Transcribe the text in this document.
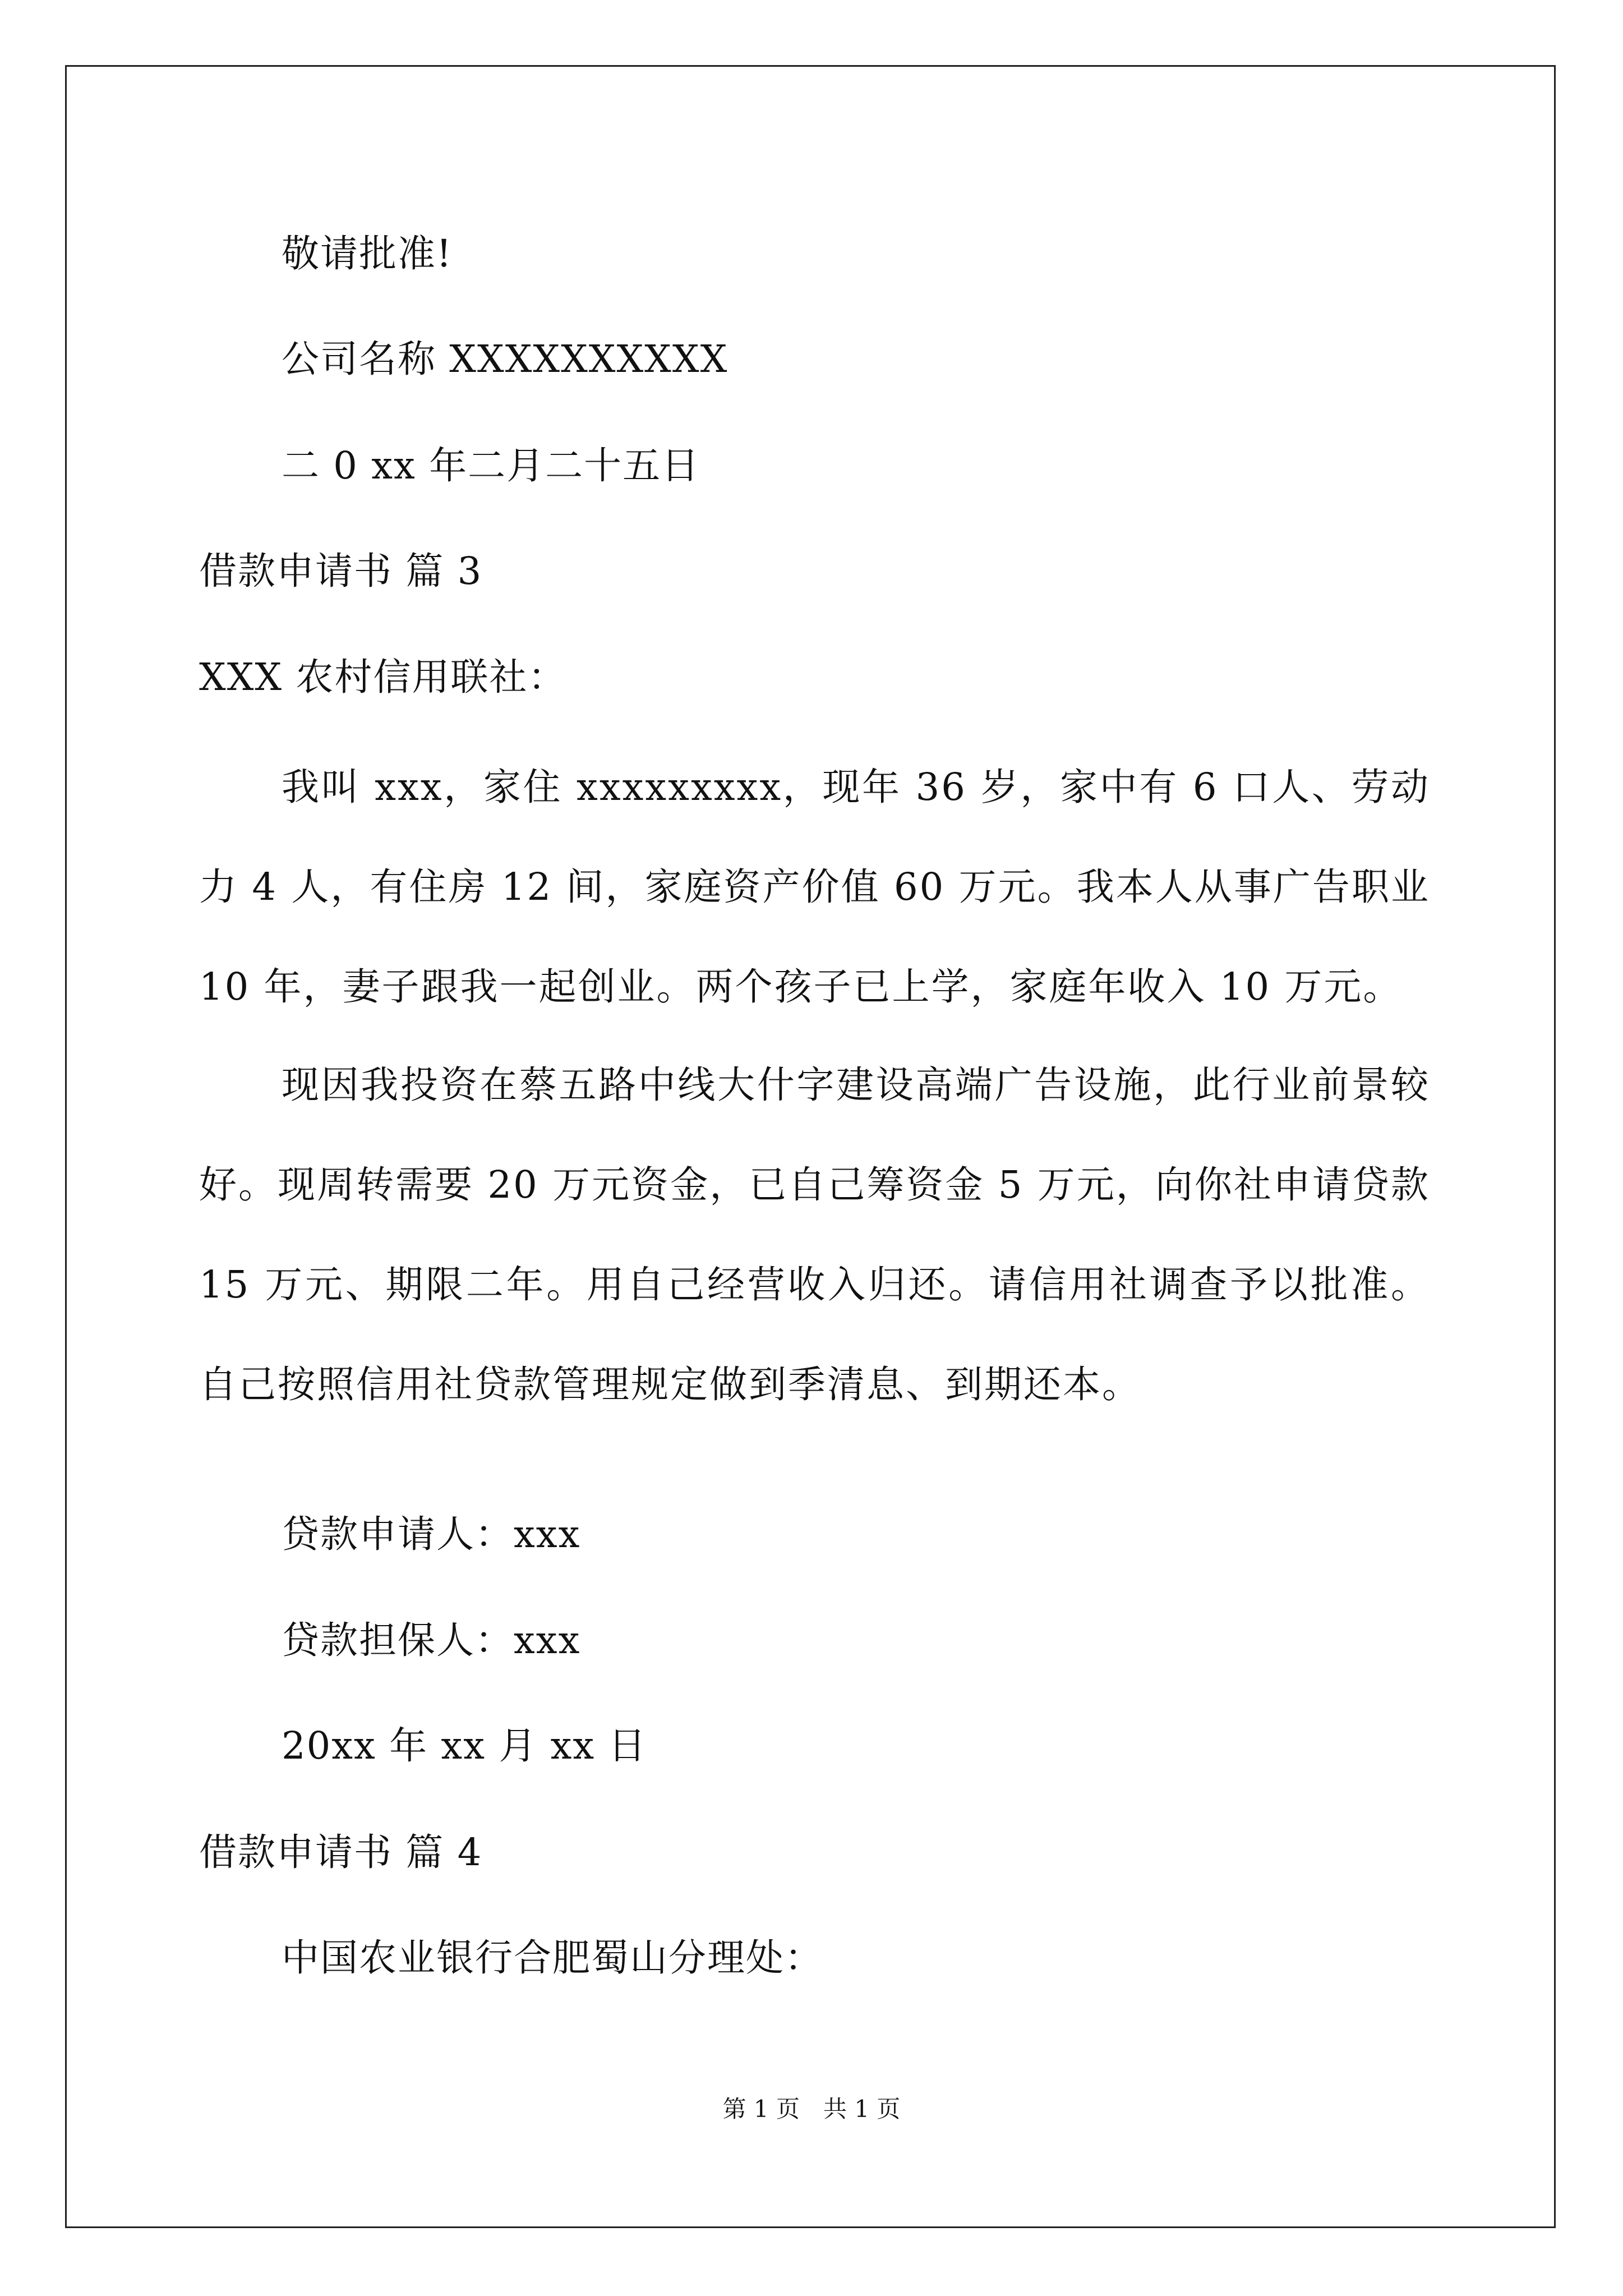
敬请批准!
公司名称 XXXXXXXXXX
二 0 xx 年二月二十五日
借款申请书 篇 3
XXX 农村信用联社：
我叫 xxx，家住 xxxxxxxxx，现年 36 岁，家中有 6 口人、劳动力 4 人，有住房 12 间，家庭资产价值 60 万元。我本人从事广告职业 10 年，妻子跟我一起创业。两个孩子已上学，家庭年收入 10 万元。
现因我投资在蔡五路中线大什字建设高端广告设施，此行业前景较好。现周转需要 20 万元资金，已自己筹资金 5 万元，向你社申请贷款 15 万元、期限二年。用自己经营收入归还。请信用社调查予以批准。自己按照信用社贷款管理规定做到季清息、到期还本。
贷款申请人：xxx
贷款担保人：xxx
20xx 年 xx 月 xx 日
借款申请书 篇 4
中国农业银行合肥蜀山分理处：
第 1 页　共 1 页
